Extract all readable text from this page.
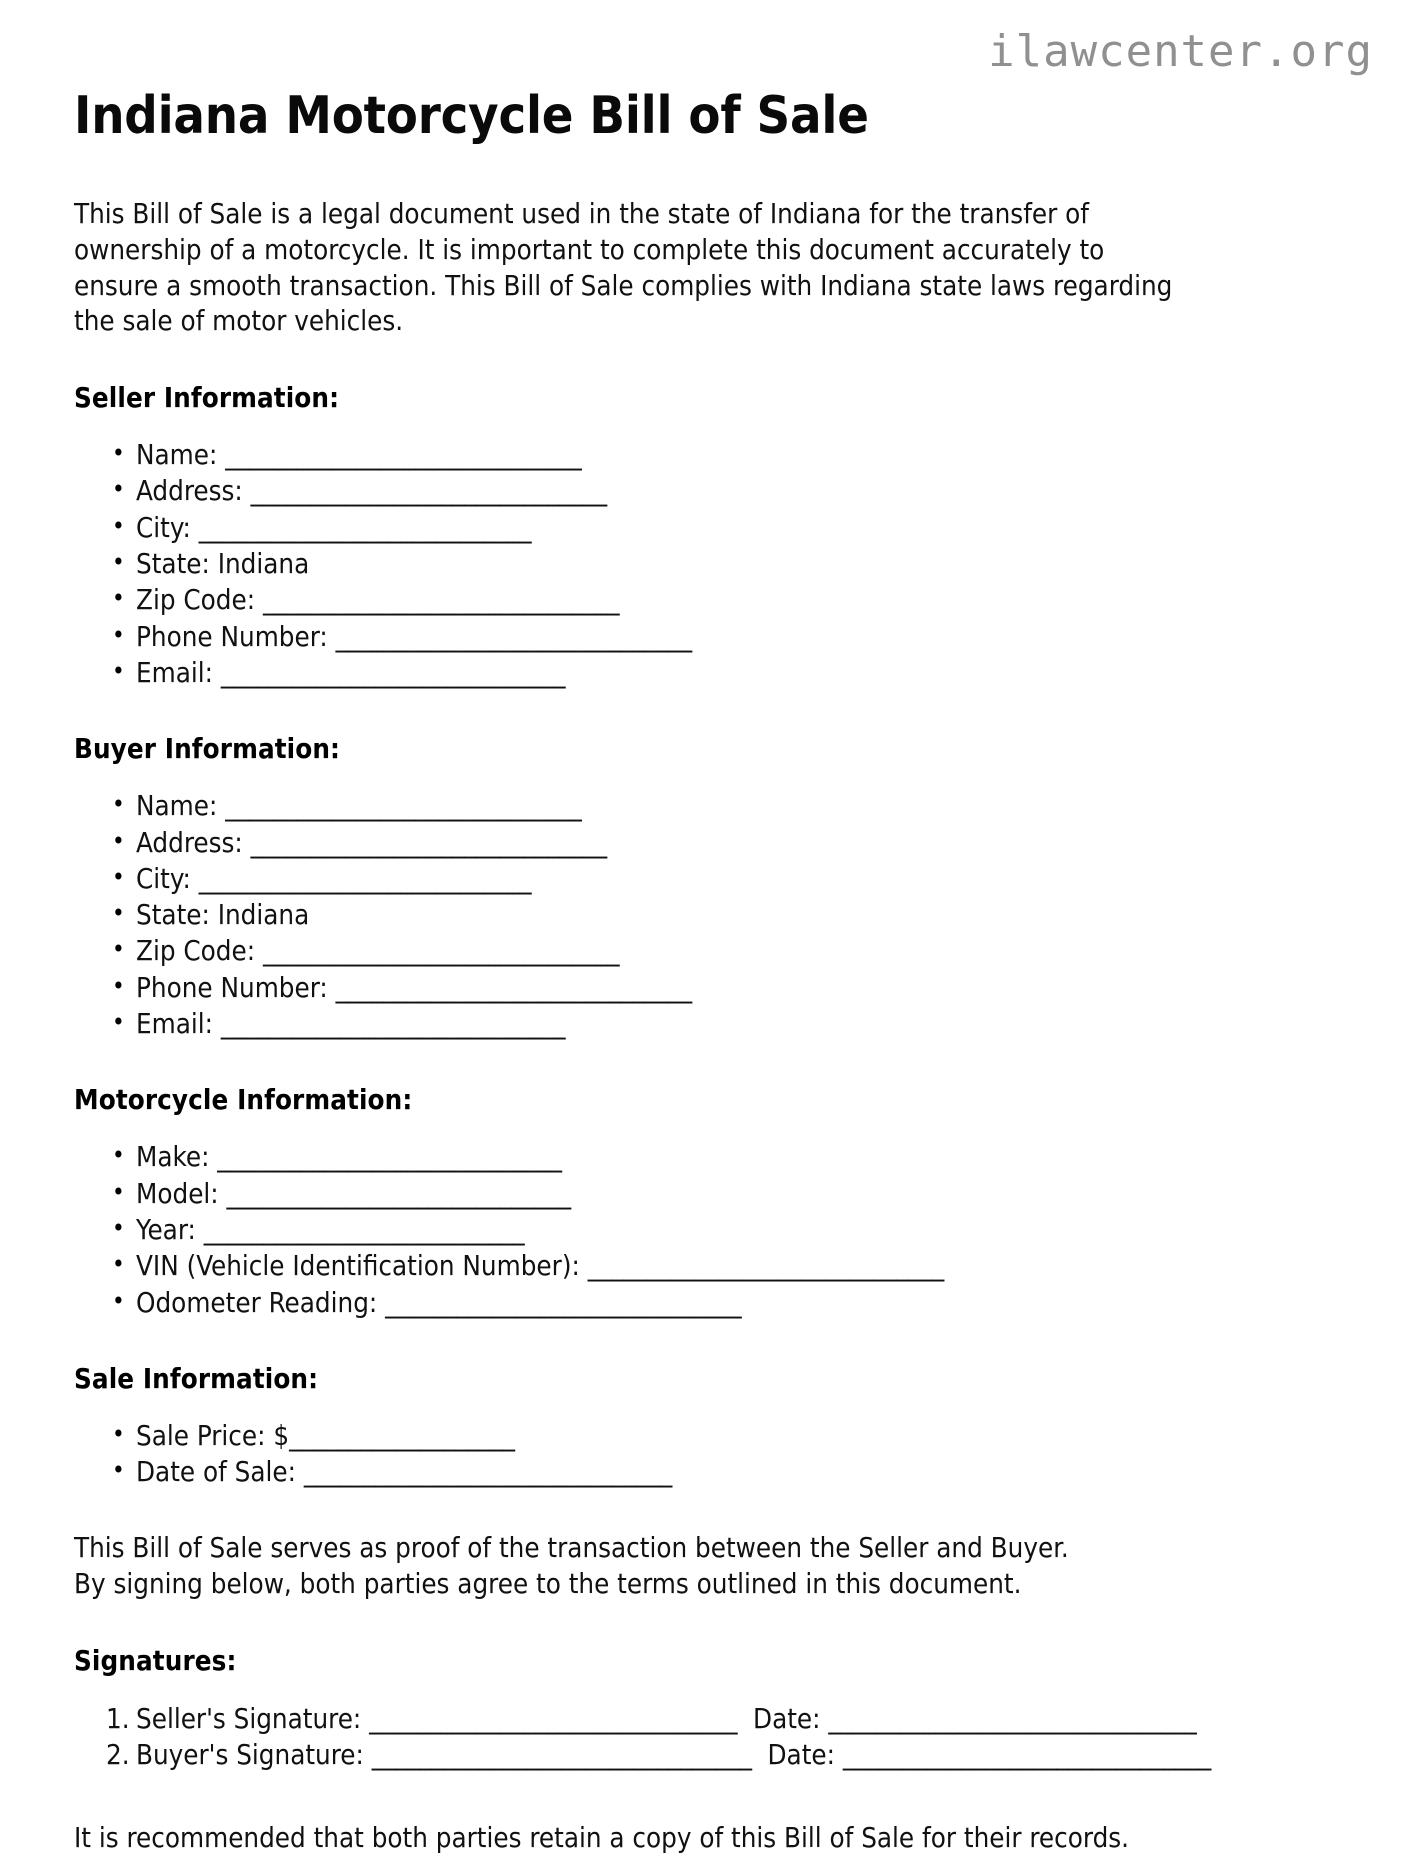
ilawcenter.org
Indiana Motorcycle Bill of Sale

This Bill of Sale is a legal document used in the state of Indiana for the transfer of ownership of a motorcycle. It is important to complete this document accurately to ensure a smooth transaction. This Bill of Sale complies with Indiana state laws regarding the sale of motor vehicles.

Seller Information:
• Name: ______________________________
• Address: ______________________________
• City: ____________________________
• State: Indiana
• Zip Code: ______________________________
• Phone Number: ______________________________
• Email: _____________________________
Buyer Information:
• Name: ______________________________
• Address: ______________________________
• City: ____________________________
• State: Indiana
• Zip Code: ______________________________
• Phone Number: ______________________________
• Email: _____________________________
Motorcycle Information:
• Make: _____________________________
• Model: _____________________________
• Year: ___________________________
• VIN (Vehicle Identification Number): ______________________________
• Odometer Reading: ______________________________
Sale Information:
• Sale Price: $___________________
• Date of Sale: _______________________________

This Bill of Sale serves as proof of the transaction between the Seller and Buyer. By signing below, both parties agree to the terms outlined in this document.

Signatures:
Seller's Signature: _______________________________ Date: _______________________________
Buyer's Signature: ________________________________ Date: _______________________________

It is recommended that both parties retain a copy of this Bill of Sale for their records.
